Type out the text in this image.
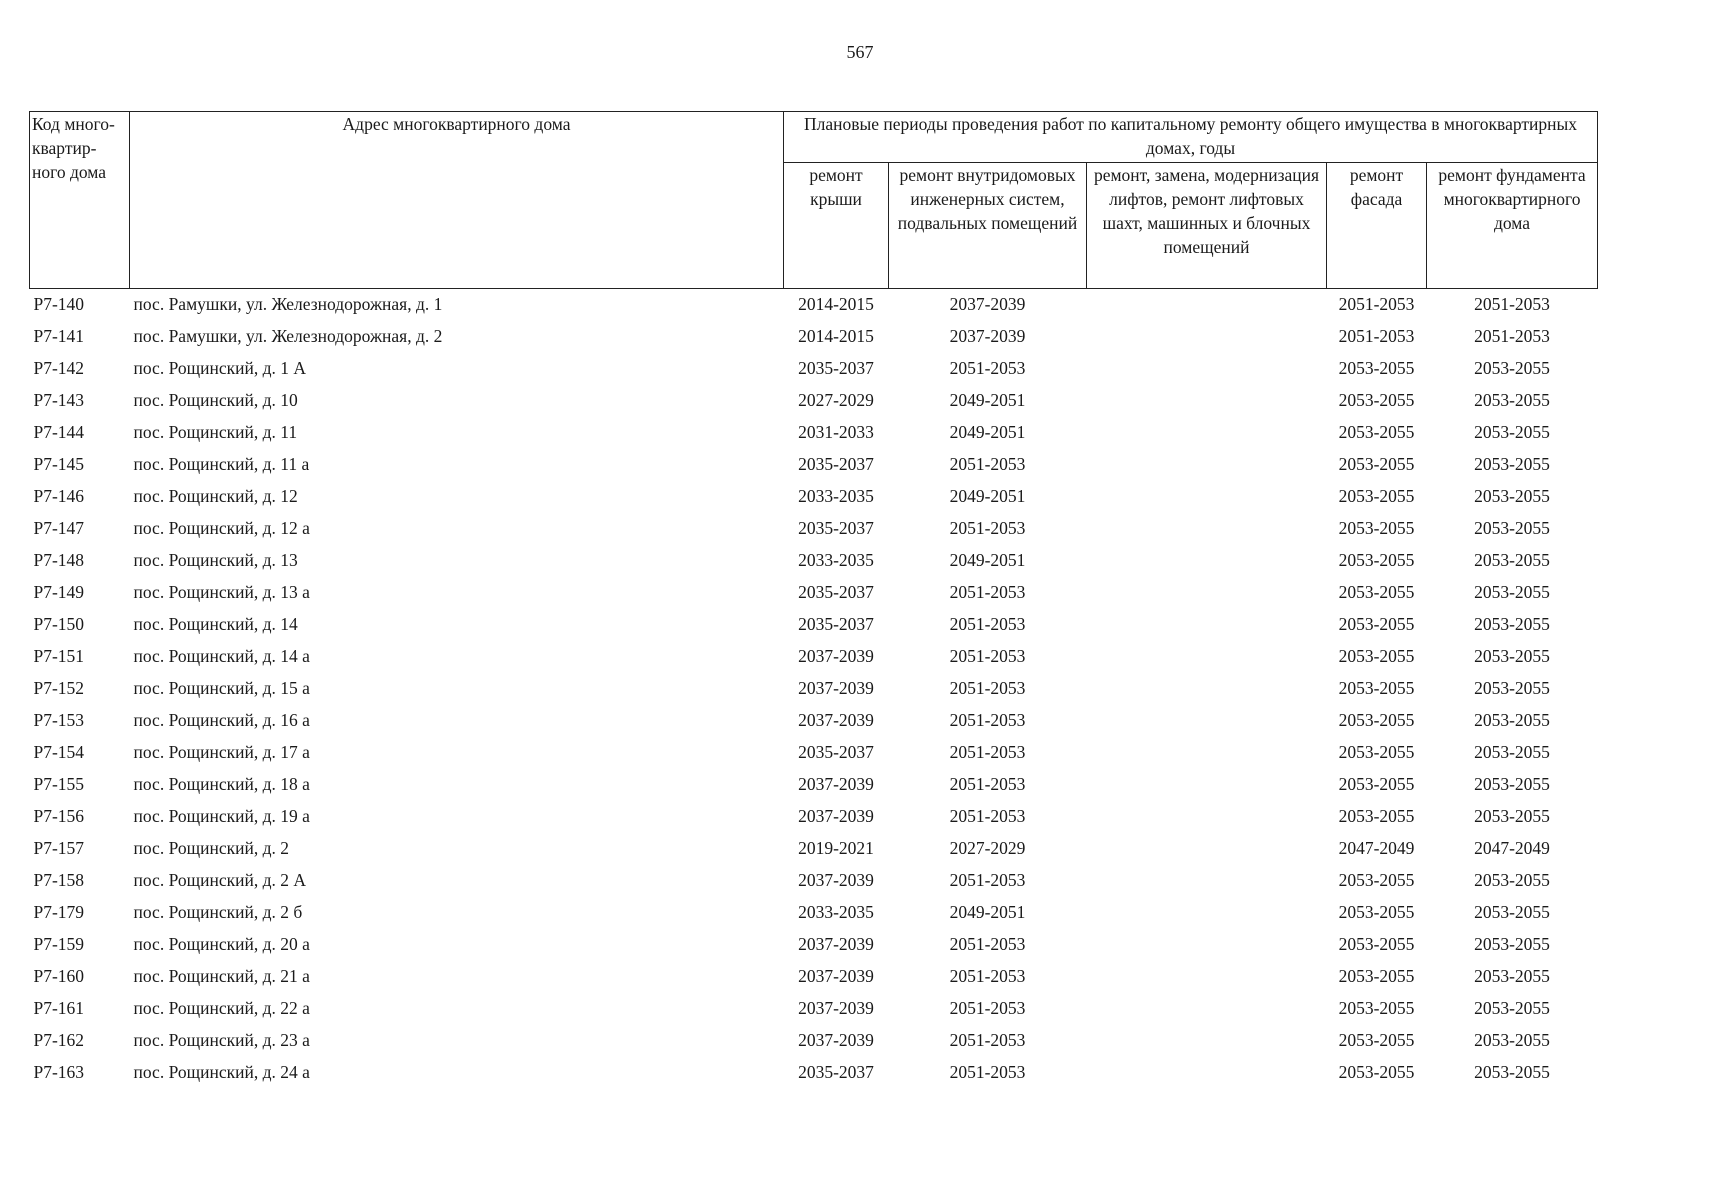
567
Код много-квартир-ного дома	Адрес многоквартирного дома	Плановые периоды проведения работ по капитальному ремонту общего имущества в многоквартирных домах, годы				
		ремонт крыши	ремонт внутридомовых инженерных систем, подвальных помещений	ремонт, замена, модернизация лифтов, ремонт лифтовых шахт, машинных и блочных помещений	ремонт фасада	ремонт фундамента многоквартирного дома
Р7-140	пос. Рамушки, ул. Железнодорожная, д. 1	2014-2015	2037-2039		2051-2053	2051-2053
Р7-141	пос. Рамушки, ул. Железнодорожная, д. 2	2014-2015	2037-2039		2051-2053	2051-2053
Р7-142	пос. Рощинский, д. 1 А	2035-2037	2051-2053		2053-2055	2053-2055
Р7-143	пос. Рощинский, д. 10	2027-2029	2049-2051		2053-2055	2053-2055
Р7-144	пос. Рощинский, д. 11	2031-2033	2049-2051		2053-2055	2053-2055
Р7-145	пос. Рощинский, д. 11 а	2035-2037	2051-2053		2053-2055	2053-2055
Р7-146	пос. Рощинский, д. 12	2033-2035	2049-2051		2053-2055	2053-2055
Р7-147	пос. Рощинский, д. 12 а	2035-2037	2051-2053		2053-2055	2053-2055
Р7-148	пос. Рощинский, д. 13	2033-2035	2049-2051		2053-2055	2053-2055
Р7-149	пос. Рощинский, д. 13 а	2035-2037	2051-2053		2053-2055	2053-2055
Р7-150	пос. Рощинский, д. 14	2035-2037	2051-2053		2053-2055	2053-2055
Р7-151	пос. Рощинский, д. 14 а	2037-2039	2051-2053		2053-2055	2053-2055
Р7-152	пос. Рощинский, д. 15 а	2037-2039	2051-2053		2053-2055	2053-2055
Р7-153	пос. Рощинский, д. 16 а	2037-2039	2051-2053		2053-2055	2053-2055
Р7-154	пос. Рощинский, д. 17 а	2035-2037	2051-2053		2053-2055	2053-2055
Р7-155	пос. Рощинский, д. 18 а	2037-2039	2051-2053		2053-2055	2053-2055
Р7-156	пос. Рощинский, д. 19 а	2037-2039	2051-2053		2053-2055	2053-2055
Р7-157	пос. Рощинский, д. 2	2019-2021	2027-2029		2047-2049	2047-2049
Р7-158	пос. Рощинский, д. 2 А	2037-2039	2051-2053		2053-2055	2053-2055
Р7-179	пос. Рощинский, д. 2 б	2033-2035	2049-2051		2053-2055	2053-2055
Р7-159	пос. Рощинский, д. 20 а	2037-2039	2051-2053		2053-2055	2053-2055
Р7-160	пос. Рощинский, д. 21 а	2037-2039	2051-2053		2053-2055	2053-2055
Р7-161	пос. Рощинский, д. 22 а	2037-2039	2051-2053		2053-2055	2053-2055
Р7-162	пос. Рощинский, д. 23 а	2037-2039	2051-2053		2053-2055	2053-2055
Р7-163	пос. Рощинский, д. 24 а	2035-2037	2051-2053		2053-2055	2053-2055
